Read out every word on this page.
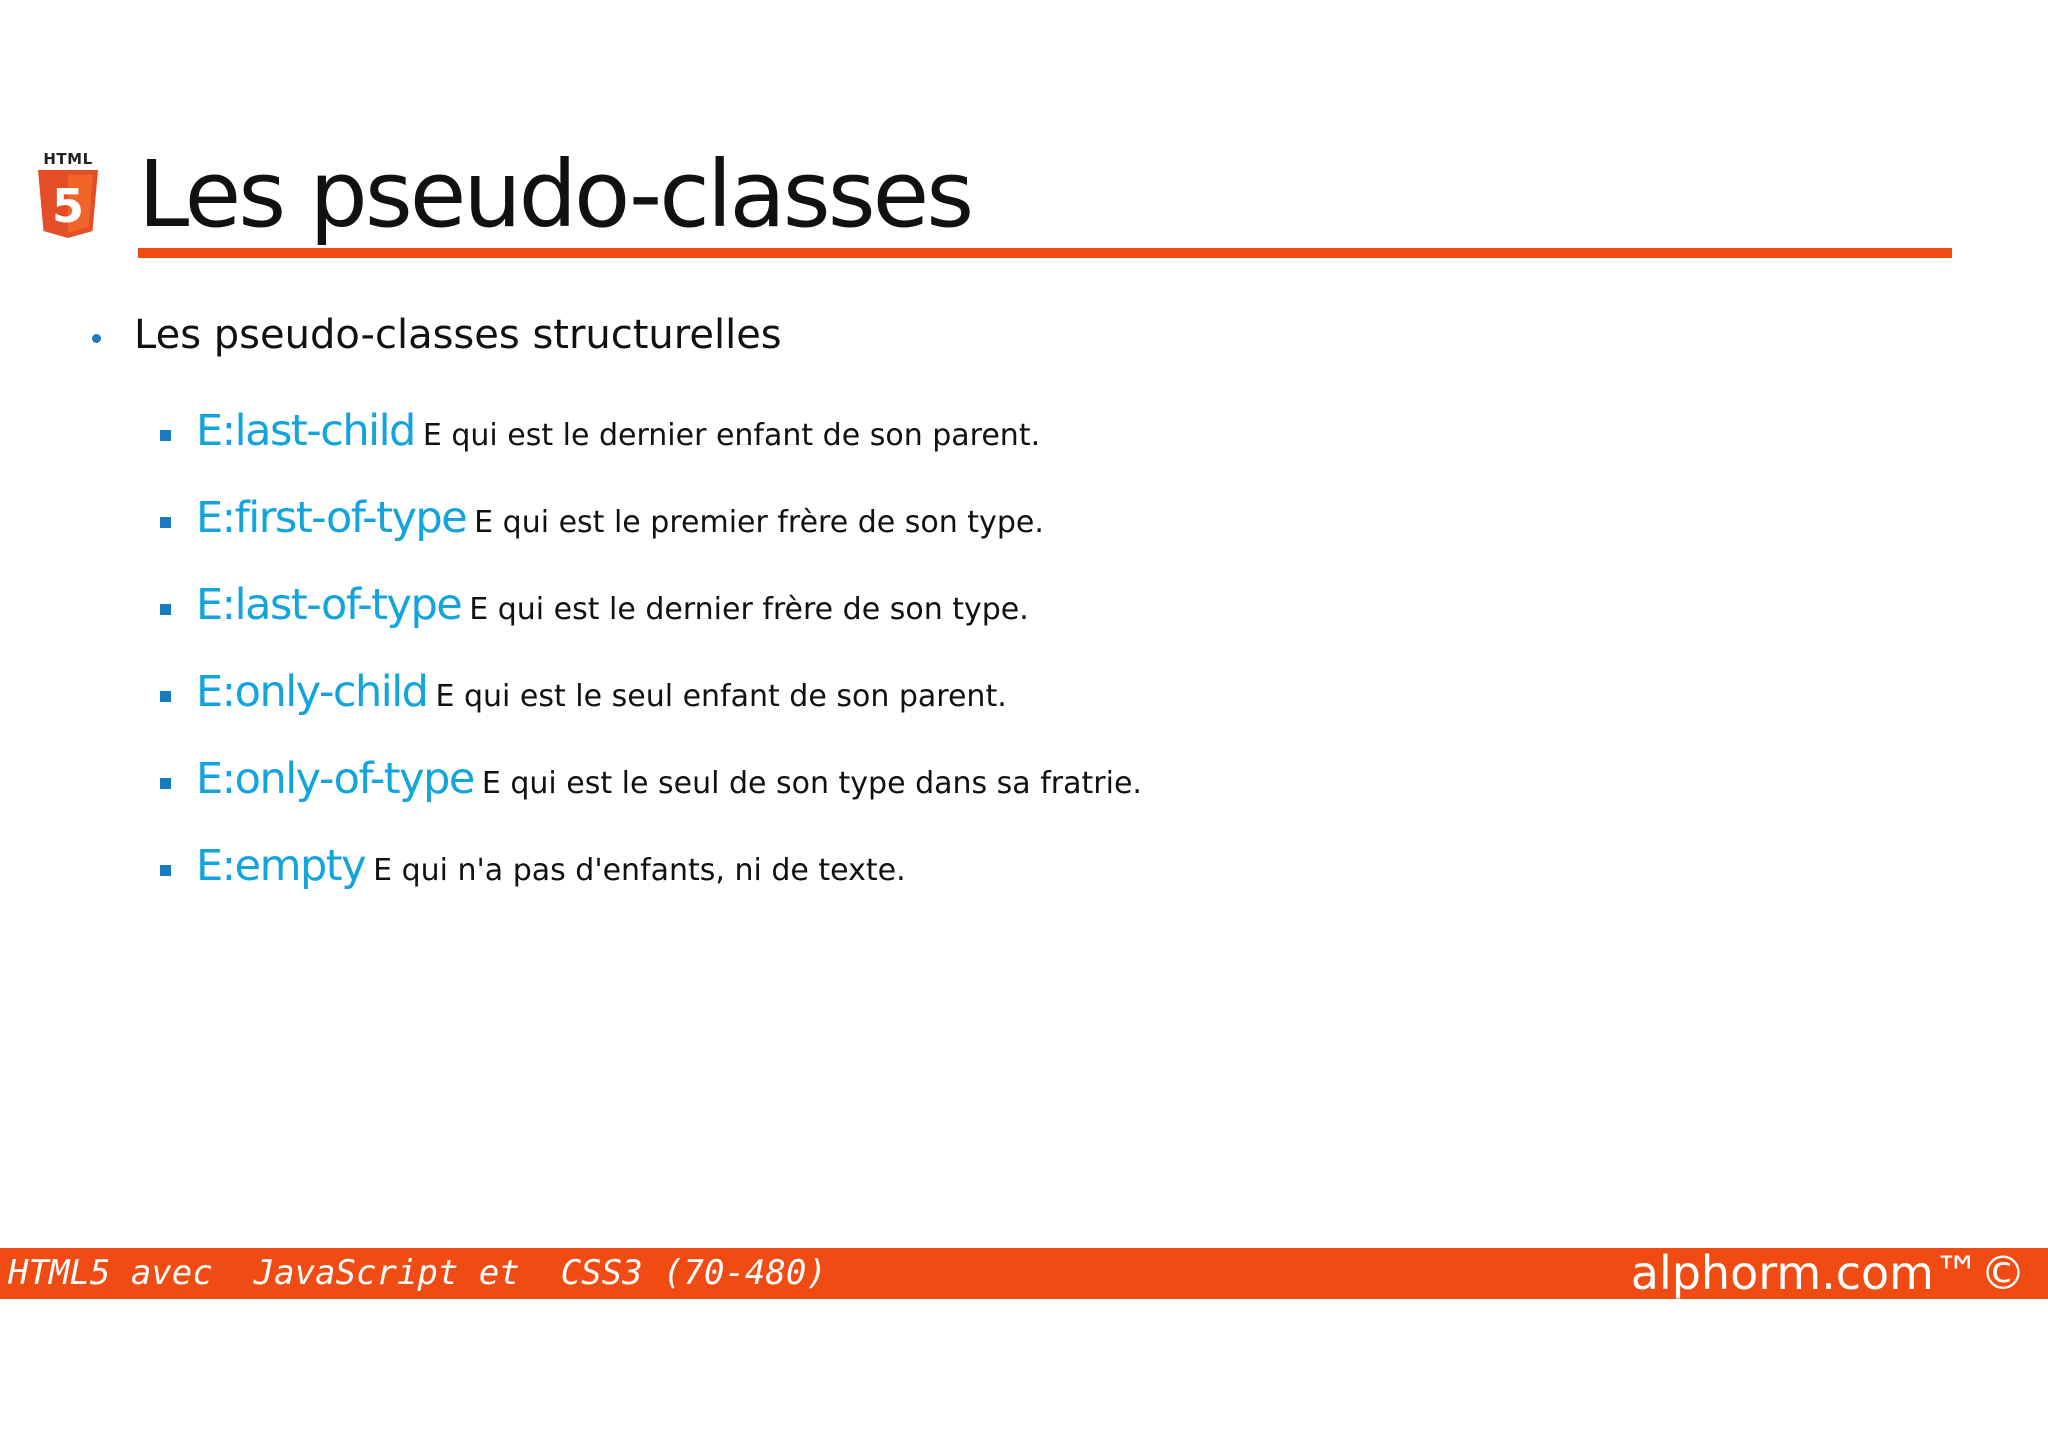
HTML
5 Les pseudo-classes
Les pseudo-classes structurelles
E:last-child E qui est le dernier enfant de son parent.
E:first-of-type E qui est le premier frère de son type.
E:last-of-type E qui est le dernier frère de son type.
E:only-child E qui est le seul enfant de son parent.
E:only-of-type E qui est le seul de son type dans sa fratrie.
E:empty E qui n'a pas d'enfants, ni de texte.
HTML5 avec  JavaScript et  CSS3 (70-480)	alphorm.com™©
